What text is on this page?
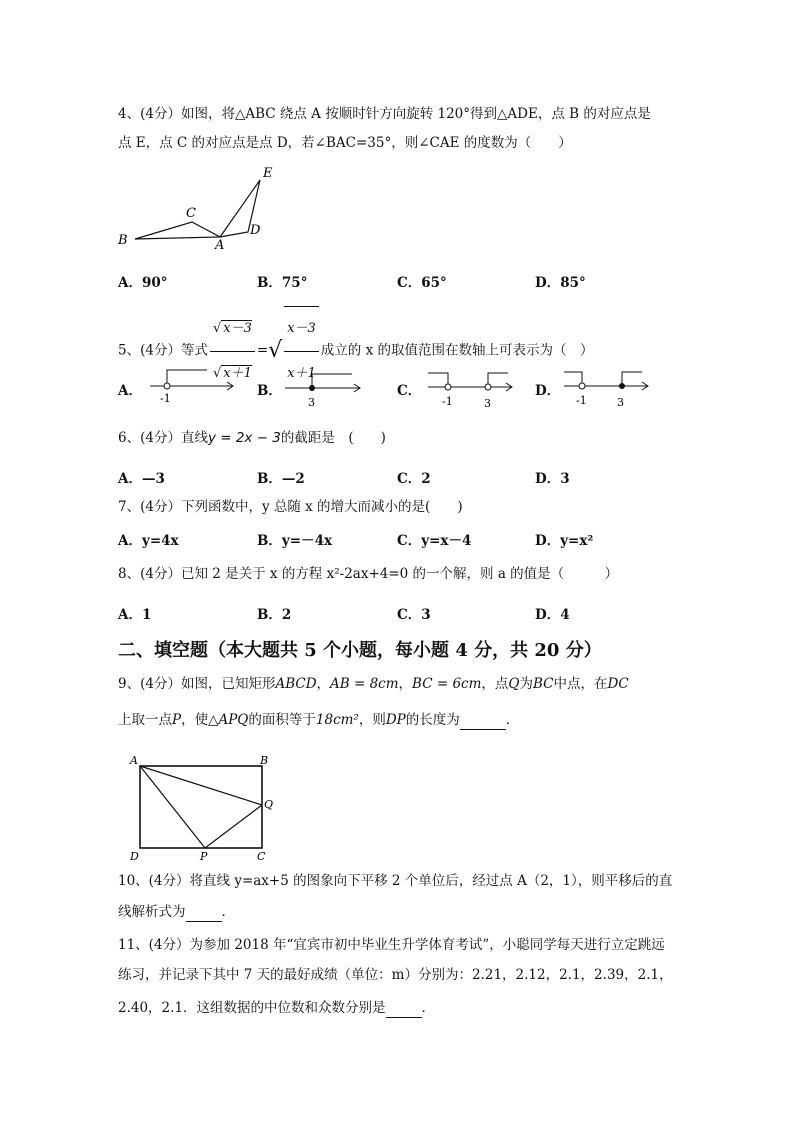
4、(4分）如图，将△ABC 绕点 A 按顺时针方向旋转 120°得到△ADE，点 B 的对应点是
点 E，点 C 的对应点是点 D，若∠BAC=35°，则∠CAE 的度数为（　　）
B
C
A
D
E
A．90°	B．75°	C．65°	D．85°
5、(4分）等式 $\frac{√ x-3}{√ x+1}$ =√ $\frac{x-3}{x+1}$ 成立的 x 的取值范围在数轴上可表示为（　）
A． -1	B．
3
C．
-1	3
D．
-1	3
6、(4分）直线y = 2x − 3的截距是　(　　)
A．—3	B．—2	C．2	D．3
7、(4分）下列函数中，y 总随 x 的增大而减小的是(　　)
A．y=4x	B．y=－4x	C．y=x－4	D．y=x²
8、(4分）已知 2 是关于 x 的方程 x²-2ax+4=0 的一个解，则 a 的值是（　　　）
A．1	B．2	C．3	D．4
二、填空题（本大题共 5 个小题，每小题 4 分，共 20 分）
9、(4分）如图，已知矩形ABCD，AB = 8cm，BC = 6cm，点Q为BC中点，在DC
上取一点P，使△APQ的面积等于18cm²，则DP的长度为	．
A	B
Q
D	P	C
10、(4分）将直线 y=ax+5 的图象向下平移 2 个单位后，经过点 A（2，1），则平移后的直
线解析式为	．
11、(4分）为参加 2018 年“宜宾市初中毕业生升学体育考试”，小聪同学每天进行立定跳远
练习，并记录下其中 7 天的最好成绩（单位：m）分别为：2.21，2.12，2.1，2.39，2.1，
2.40，2.1．这组数据的中位数和众数分别是	．
